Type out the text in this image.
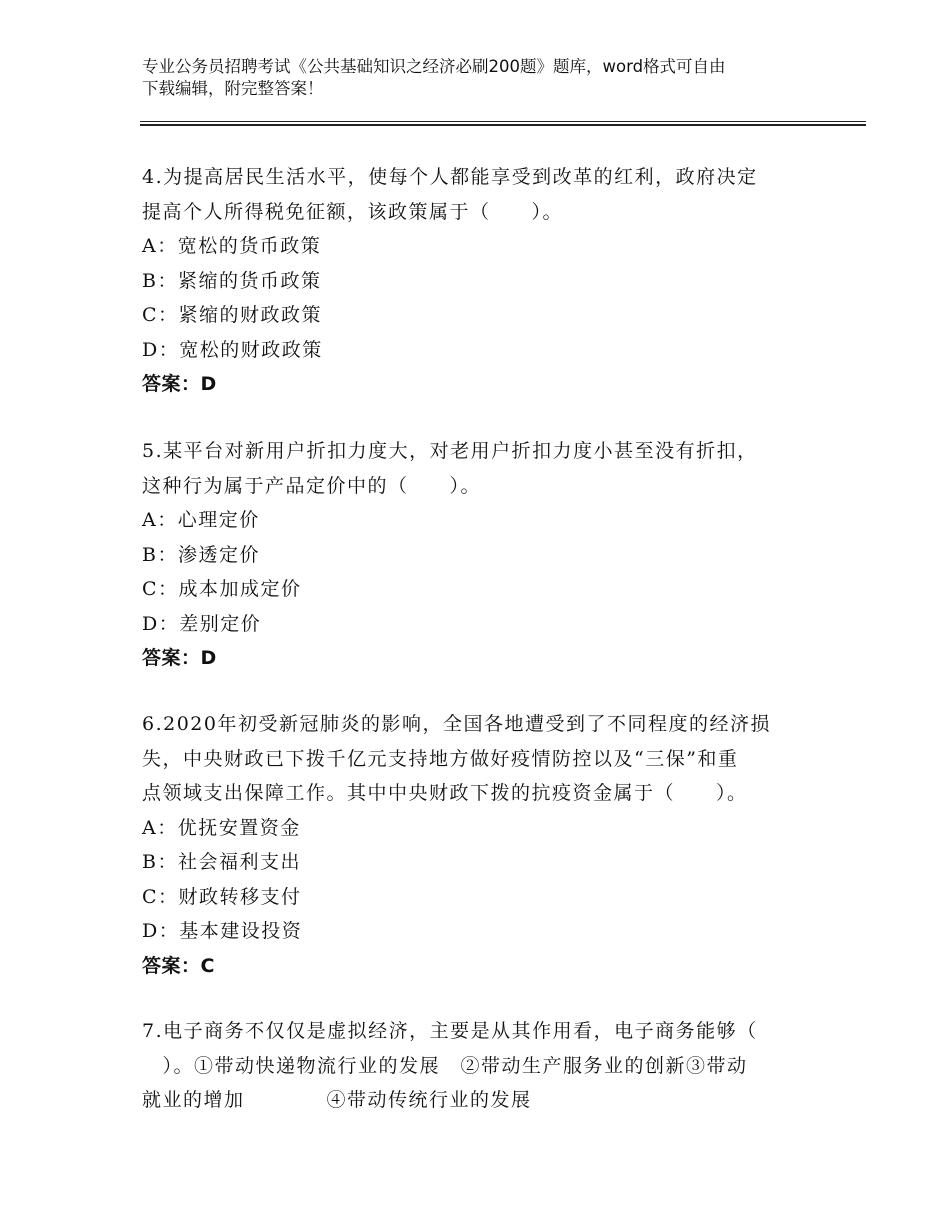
专业公务员招聘考试《公共基础知识之经济必刷200题》题库，word格式可自由
下载编辑，附完整答案！

4.为提高居民生活水平，使每个人都能享受到改革的红利，政府决定

提高个人所得税免征额，该政策属于（　　）。

A：宽松的货币政策

B：紧缩的货币政策

C：紧缩的财政政策

D：宽松的财政政策

答案：D

5.某平台对新用户折扣力度大，对老用户折扣力度小甚至没有折扣，

这种行为属于产品定价中的（　　）。

A：心理定价

B：渗透定价

C：成本加成定价

D：差别定价

答案：D

6.2020年初受新冠肺炎的影响，全国各地遭受到了不同程度的经济损

失，中央财政已下拨千亿元支持地方做好疫情防控以及“三保”和重

点领域支出保障工作。其中中央财政下拨的抗疫资金属于（　　）。

A：优抚安置资金

B：社会福利支出

C：财政转移支付

D：基本建设投资

答案：C

7.电子商务不仅仅是虚拟经济，主要是从其作用看，电子商务能够（

　）。①带动快递物流行业的发展　②带动生产服务业的创新③带动

就业的增加　　　　④带动传统行业的发展
